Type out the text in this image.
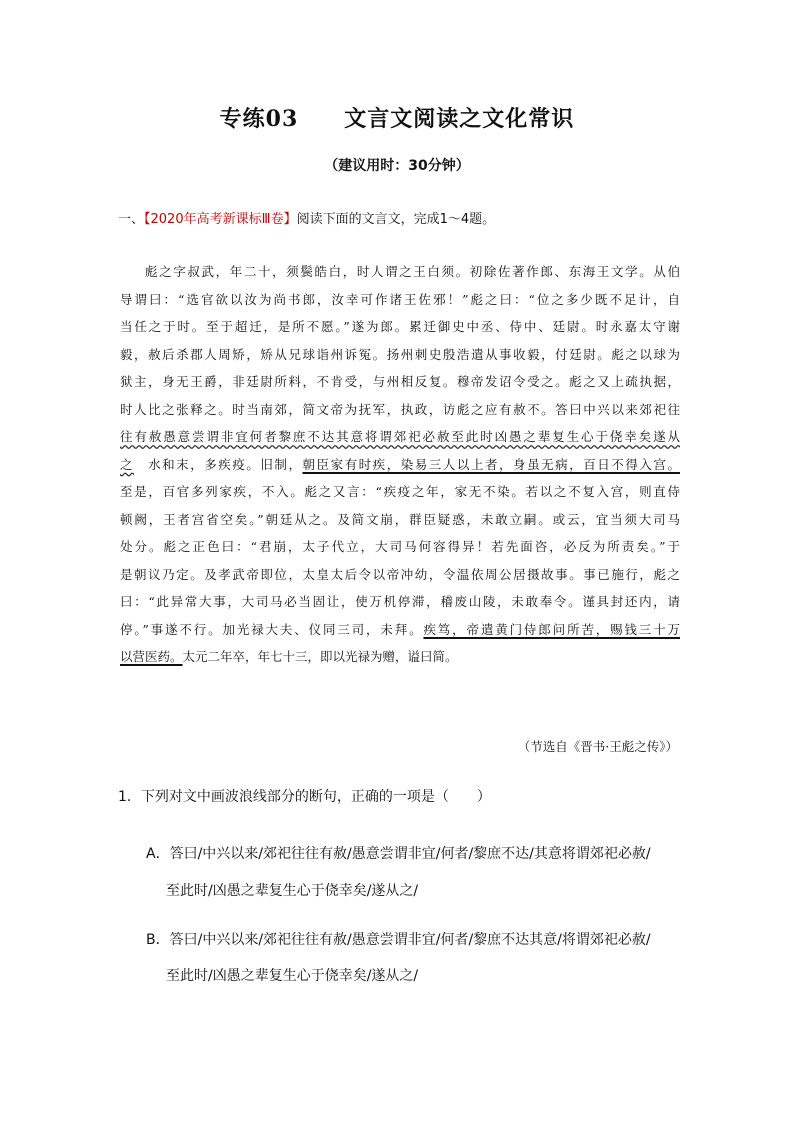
专练03 文言文阅读之文化常识
（建议用时：30分钟）
一、【2020年高考新课标Ⅲ卷】阅读下面的文言文，完成1～4题。
彪之字叔武，年二十，须鬓皓白，时人谓之王白须。初除佐著作郎、东海王文学。从伯
导谓曰：“选官欲以汝为尚书郎，汝幸可作诸王佐邪！”彪之曰：“位之多少既不足计，自
当任之于时。至于超迁，是所不愿。”遂为郎。累迁御史中丞、侍中、廷尉。时永嘉太守谢
毅，赦后杀郡人周矫，矫从兄球诣州诉冤。扬州刺史殷浩遣从事收毅，付廷尉。彪之以球为
狱主，身无王爵，非廷尉所料，不肯受，与州相反复。穆帝发诏令受之。彪之又上疏执据，
时人比之张释之。时当南郊，简文帝为抚军，执政，访彪之应有赦不。答曰中兴以来郊祀往
往有赦愚意尝谓非宜何者黎庶不达其意将谓郊祀必赦至此时凶愚之辈复生心于侥幸矣遂从
之　 水和末，多疾疫。旧制，朝臣家有时疾，染易三人以上者，身虽无病，百日不得入宫。
至是，百官多列家疾，不入。彪之又言：“疾疫之年，家无不染。若以之不复入宫，则直侍
顿阙，王者宫省空矣。”朝廷从之。及简文崩，群臣疑惑，未敢立嗣。或云，宜当须大司马
处分。彪之正色曰：“君崩，太子代立，大司马何容得异！若先面咨，必反为所责矣。”于
是朝议乃定。及孝武帝即位，太皇太后令以帝冲幼，令温依周公居摄故事。事已施行，彪之
曰：“此异常大事，大司马必当固让，使万机停滞，稽废山陵，未敢奉令。谨具封还内，请
停。”事遂不行。加光禄大夫、仪同三司，未拜。疾笃，帝遣黄门侍郎问所苦，赐钱三十万
以营医药。太元二年卒，年七十三，即以光禄为赠，谥曰简。
（节选自《晋书·王彪之传》）
1．下列对文中画波浪线部分的断句，正确的一项是（　　）
A．答曰/中兴以来/郊祀往往有赦/愚意尝谓非宜/何者/黎庶不达/其意将谓郊祀必赦/
至此时/凶愚之辈复生心于侥幸矣/遂从之/
B．答曰/中兴以来/郊祀往往有赦/愚意尝谓非宜/何者/黎庶不达其意/将谓郊祀必赦/
至此时/凶愚之辈复生心于侥幸矣/遂从之/
